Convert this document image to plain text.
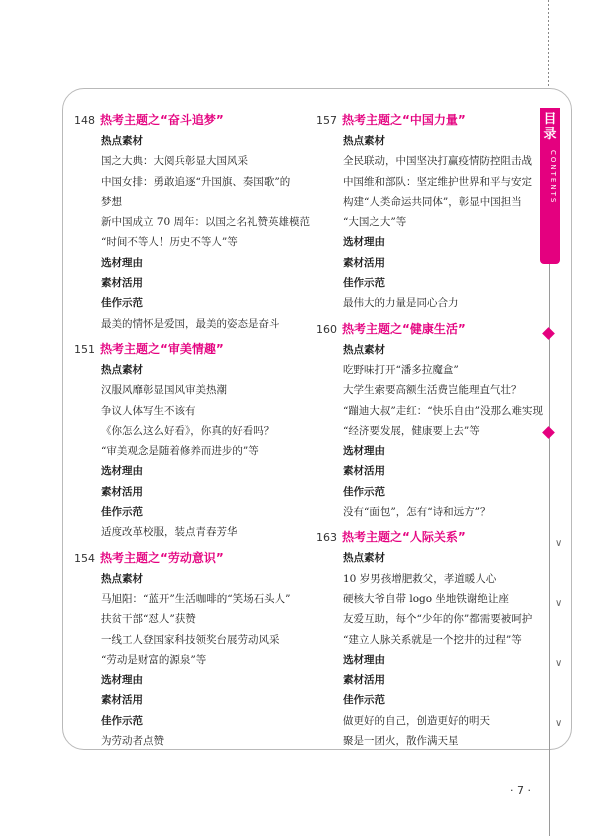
目录
CONTENTS
∨
∨
∨
∨
148 热考主题之“奋斗追梦”
热点素材
国之大典：大阅兵彰显大国风采
中国女排：勇敢追逐“升国旗、奏国歌”的
梦想
新中国成立 70 周年：以国之名礼赞英雄模范
“时间不等人！历史不等人”等
选材理由
素材活用
佳作示范
最美的情怀是爱国，最美的姿态是奋斗
151 热考主题之“审美情趣”
热点素材
汉服风靡彰显国风审美热潮
争议人体写生不该有
《你怎么这么好看》，你真的好看吗？
“审美观念是随着修养而进步的”等
选材理由
素材活用
佳作示范
适度改革校服，装点青春芳华
154 热考主题之“劳动意识”
热点素材
马旭阳：“蓝开”生活咖啡的“笑场石头人”
扶贫干部“怼人”获赞
一线工人登国家科技领奖台展劳动风采
“劳动是财富的源泉”等
选材理由
素材活用
佳作示范
为劳动者点赞
157 热考主题之“中国力量”
热点素材
全民联动，中国坚决打赢疫情防控阻击战
中国维和部队：坚定维护世界和平与安定
构建“人类命运共同体”，彰显中国担当
“大国之大”等
选材理由
素材活用
佳作示范
最伟大的力量是同心合力
160 热考主题之“健康生活”
热点素材
吃野味打开“潘多拉魔盒”
大学生索要高额生活费岂能理直气壮？
“蹦迪大叔”走红：“快乐自由”没那么难实现
“经济要发展，健康要上去”等
选材理由
素材活用
佳作示范
没有“面包”，怎有“诗和远方”？
163 热考主题之“人际关系”
热点素材
10 岁男孩增肥救父，孝道暖人心
硬核大爷自带 logo 坐地铁谢绝让座
友爱互助，每个“少年的你”都需要被呵护
“建立人脉关系就是一个挖井的过程”等
选材理由
素材活用
佳作示范
做更好的自己，创造更好的明天
聚是一团火，散作满天星
· 7 ·
